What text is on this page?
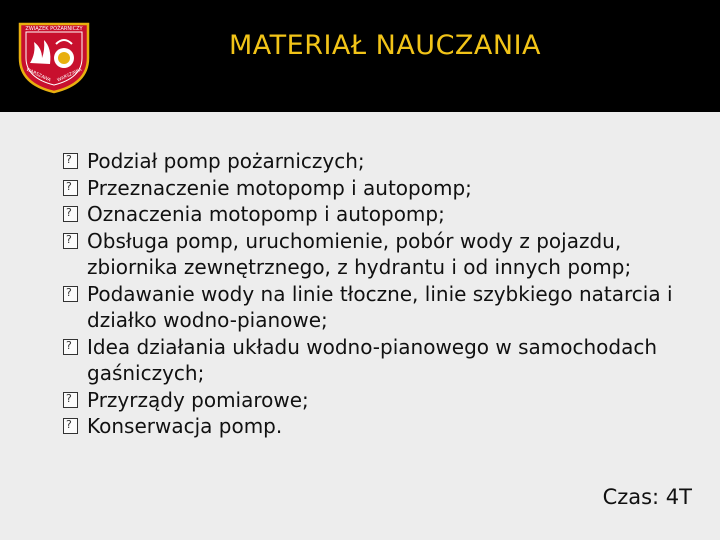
ZWIĄZEK POŻARNICZY
WARSZAWA WARSZAWA
MATERIAŁ NAUCZANIA
?
Podział pomp pożarniczych;
?
Przeznaczenie motopomp i autopomp;
?
Oznaczenia motopomp i autopomp;
?
Obsługa pomp, uruchomienie, pobór wody z pojazdu, zbiornika zewnętrznego, z hydrantu i od innych pomp;
?
Podawanie wody na linie tłoczne, linie szybkiego natarcia i działko wodno-pianowe;
?
Idea działania układu wodno-pianowego w samochodach gaśniczych;
?
Przyrządy pomiarowe;
?
Konserwacja pomp.
Czas: 4T
